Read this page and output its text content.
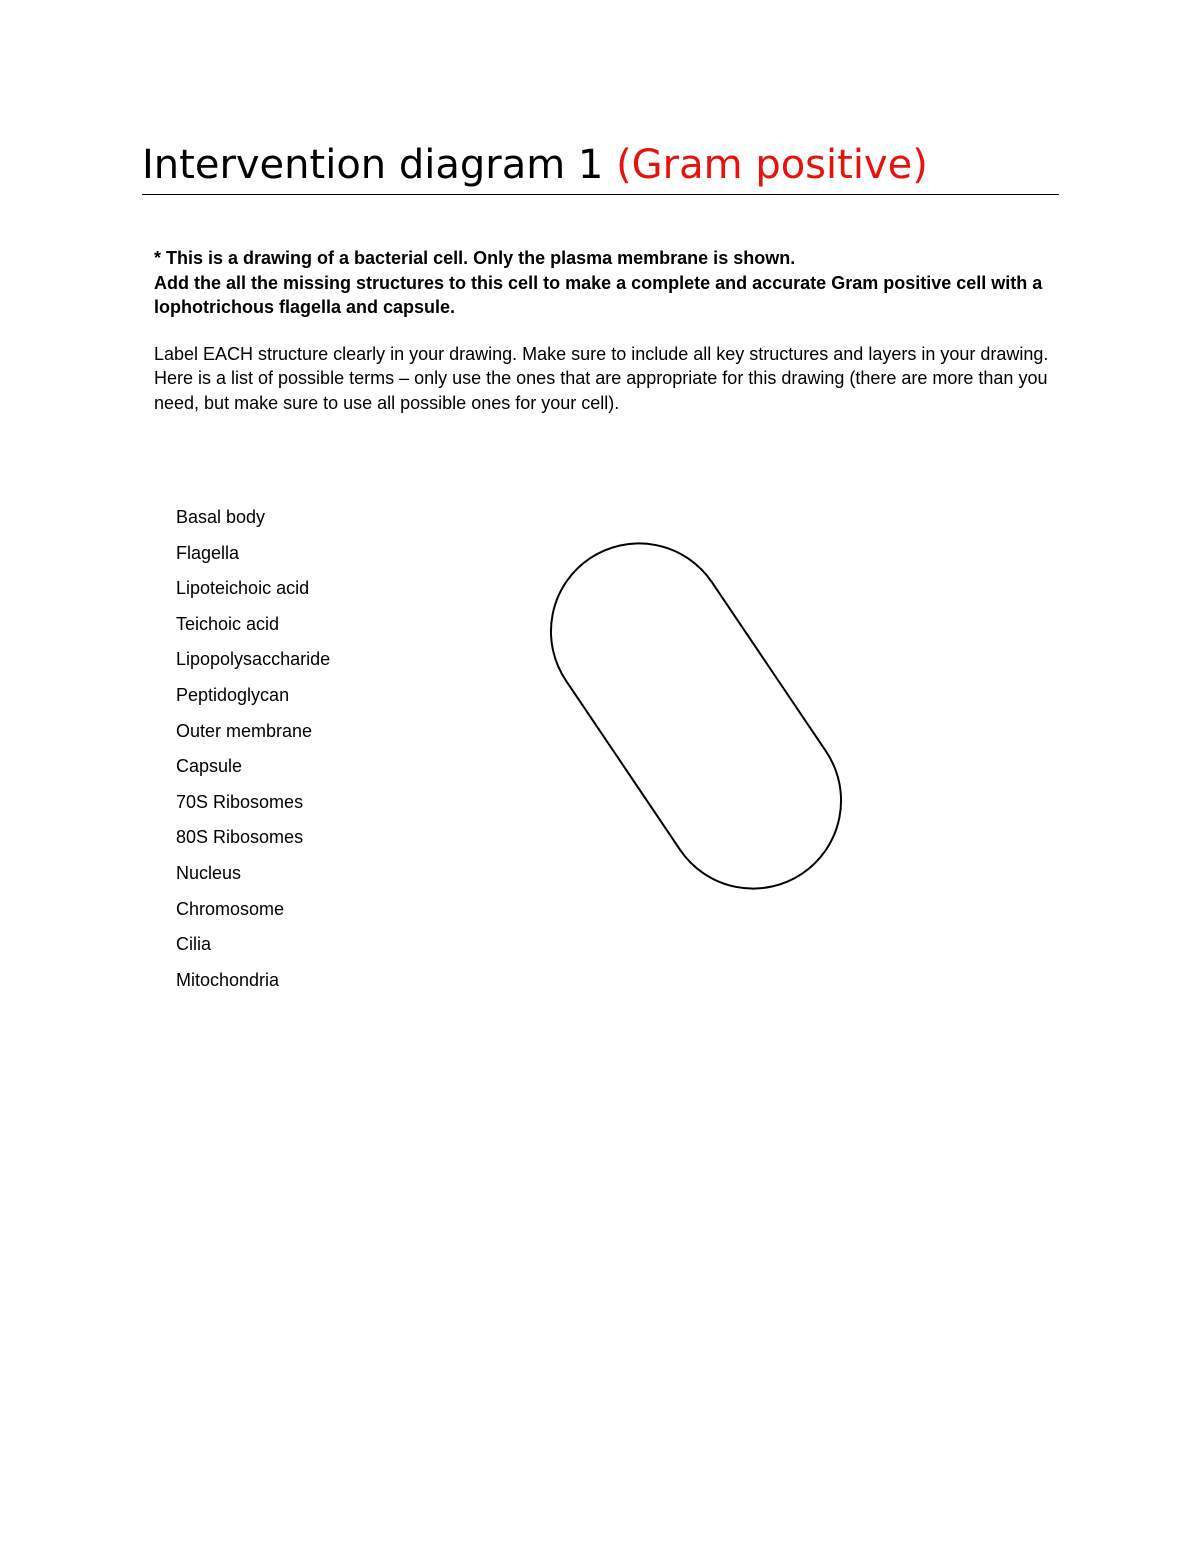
Intervention diagram 1 (Gram positive)

* This is a drawing of a bacterial cell. Only the plasma membrane is shown.

Add the all the missing structures to this cell to make a complete and accurate Gram positive cell with a lophotrichous flagella and capsule.

Label EACH structure clearly in your drawing. Make sure to include all key structures and layers in your drawing. Here is a list of possible terms – only use the ones that are appropriate for this drawing (there are more than you need, but make sure to use all possible ones for your cell).

Basal body
Flagella
Lipoteichoic acid
Teichoic acid
Lipopolysaccharide
Peptidoglycan
Outer membrane
Capsule
70S Ribosomes
80S Ribosomes
Nucleus
Chromosome
Cilia
Mitochondria
